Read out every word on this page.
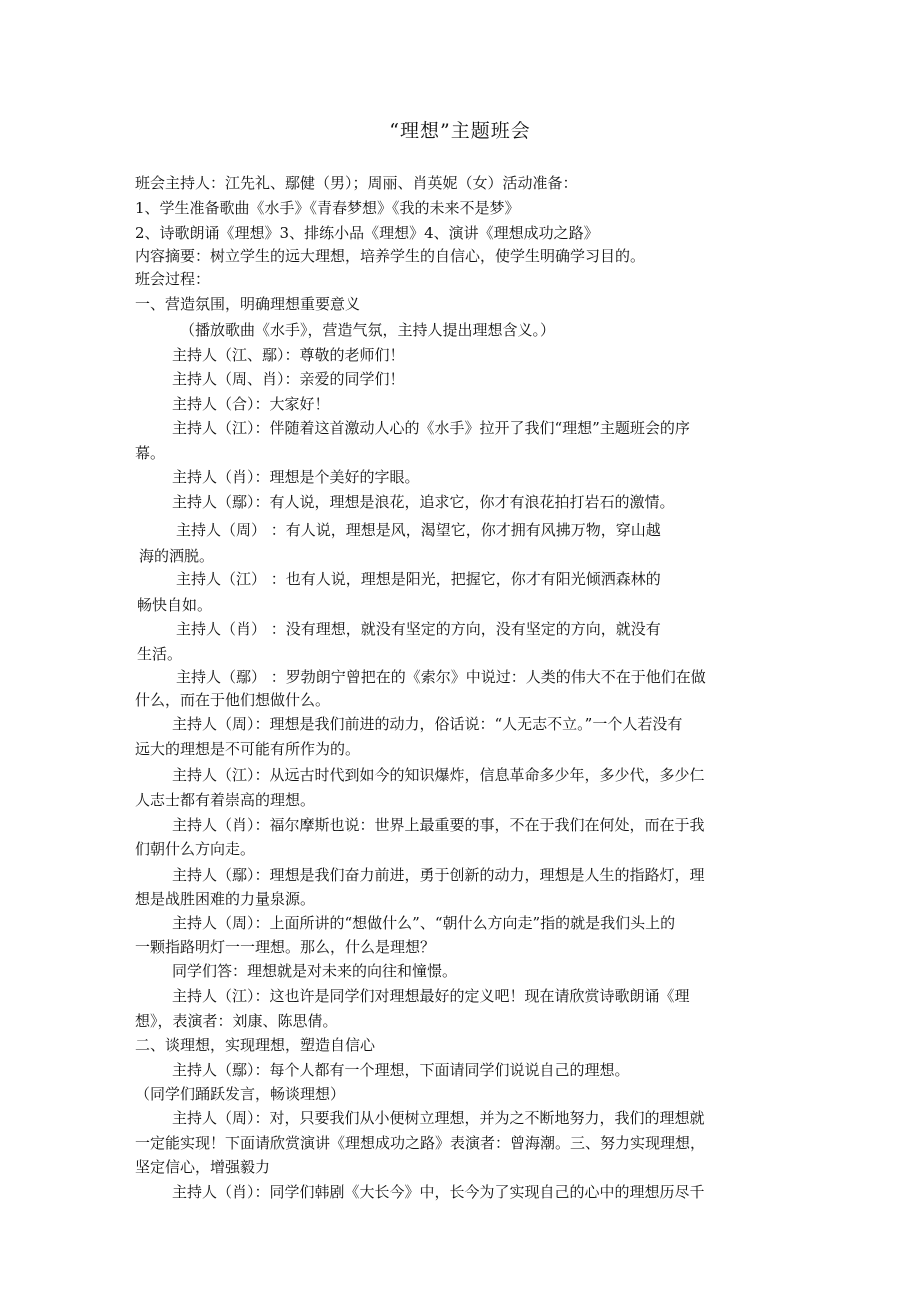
“理想”主题班会
班会主持人：江先礼、鄢健（男）；周丽、肖英妮（女）活动准备：
1、学生准备歌曲《水手》《青春梦想》《我的未来不是梦》
2、诗歌朗诵《理想》3、排练小品《理想》4、演讲《理想成功之路》
内容摘要：树立学生的远大理想，培养学生的自信心，使学生明确学习目的。
班会过程：
一、营造氛围，明确理想重要意义
（播放歌曲《水手》，营造气氛，主持人提出理想含义。）
主持人（江、鄢）：尊敬的老师们！
主持人（周、肖）：亲爱的同学们！
主持人（合）：大家好！
主持人（江）：伴随着这首激动人心的《水手》拉开了我们“理想”主题班会的序
幕。
主持人（肖）：理想是个美好的字眼。
主持人（鄢）：有人说，理想是浪花，追求它，你才有浪花拍打岩石的激情。
主持人（周） ：有人说，理想是风，渴望它，你才拥有风拂万物，穿山越
海的洒脱。
主持人（江） ：也有人说，理想是阳光，把握它，你才有阳光倾洒森林的
畅快自如。
主持人（肖） ：没有理想，就没有坚定的方向，没有坚定的方向，就没有
生活。
主持人（鄢） ：罗勃朗宁曾把在的《索尔》中说过：人类的伟大不在于他们在做
什么，而在于他们想做什么。
主持人（周）：理想是我们前进的动力，俗话说：“人无志不立。”一个人若没有
远大的理想是不可能有所作为的。
主持人（江）：从远古时代到如今的知识爆炸，信息革命多少年，多少代，多少仁
人志士都有着崇高的理想。
主持人（肖）：福尔摩斯也说：世界上最重要的事，不在于我们在何处，而在于我
们朝什么方向走。
主持人（鄢）：理想是我们奋力前进，勇于创新的动力，理想是人生的指路灯，理
想是战胜困难的力量泉源。
主持人（周）：上面所讲的“想做什么”、“朝什么方向走”指的就是我们头上的
一颗指路明灯一一理想。那么，什么是理想？
同学们答：理想就是对未来的向往和憧憬。
主持人（江）：这也许是同学们对理想最好的定义吧！现在请欣赏诗歌朗诵《理
想》，表演者：刘康、陈思倩。
二、谈理想，实现理想，塑造自信心
主持人（鄢）：每个人都有一个理想，下面请同学们说说自己的理想。
（同学们踊跃发言，畅谈理想）
主持人（周）：对，只要我们从小便树立理想，并为之不断地努力，我们的理想就
一定能实现！下面请欣赏演讲《理想成功之路》表演者：曾海潮。三、努力实现理想，
坚定信心，增强毅力
主持人（肖）：同学们韩剧《大长今》中，长今为了实现自己的心中的理想历尽千
